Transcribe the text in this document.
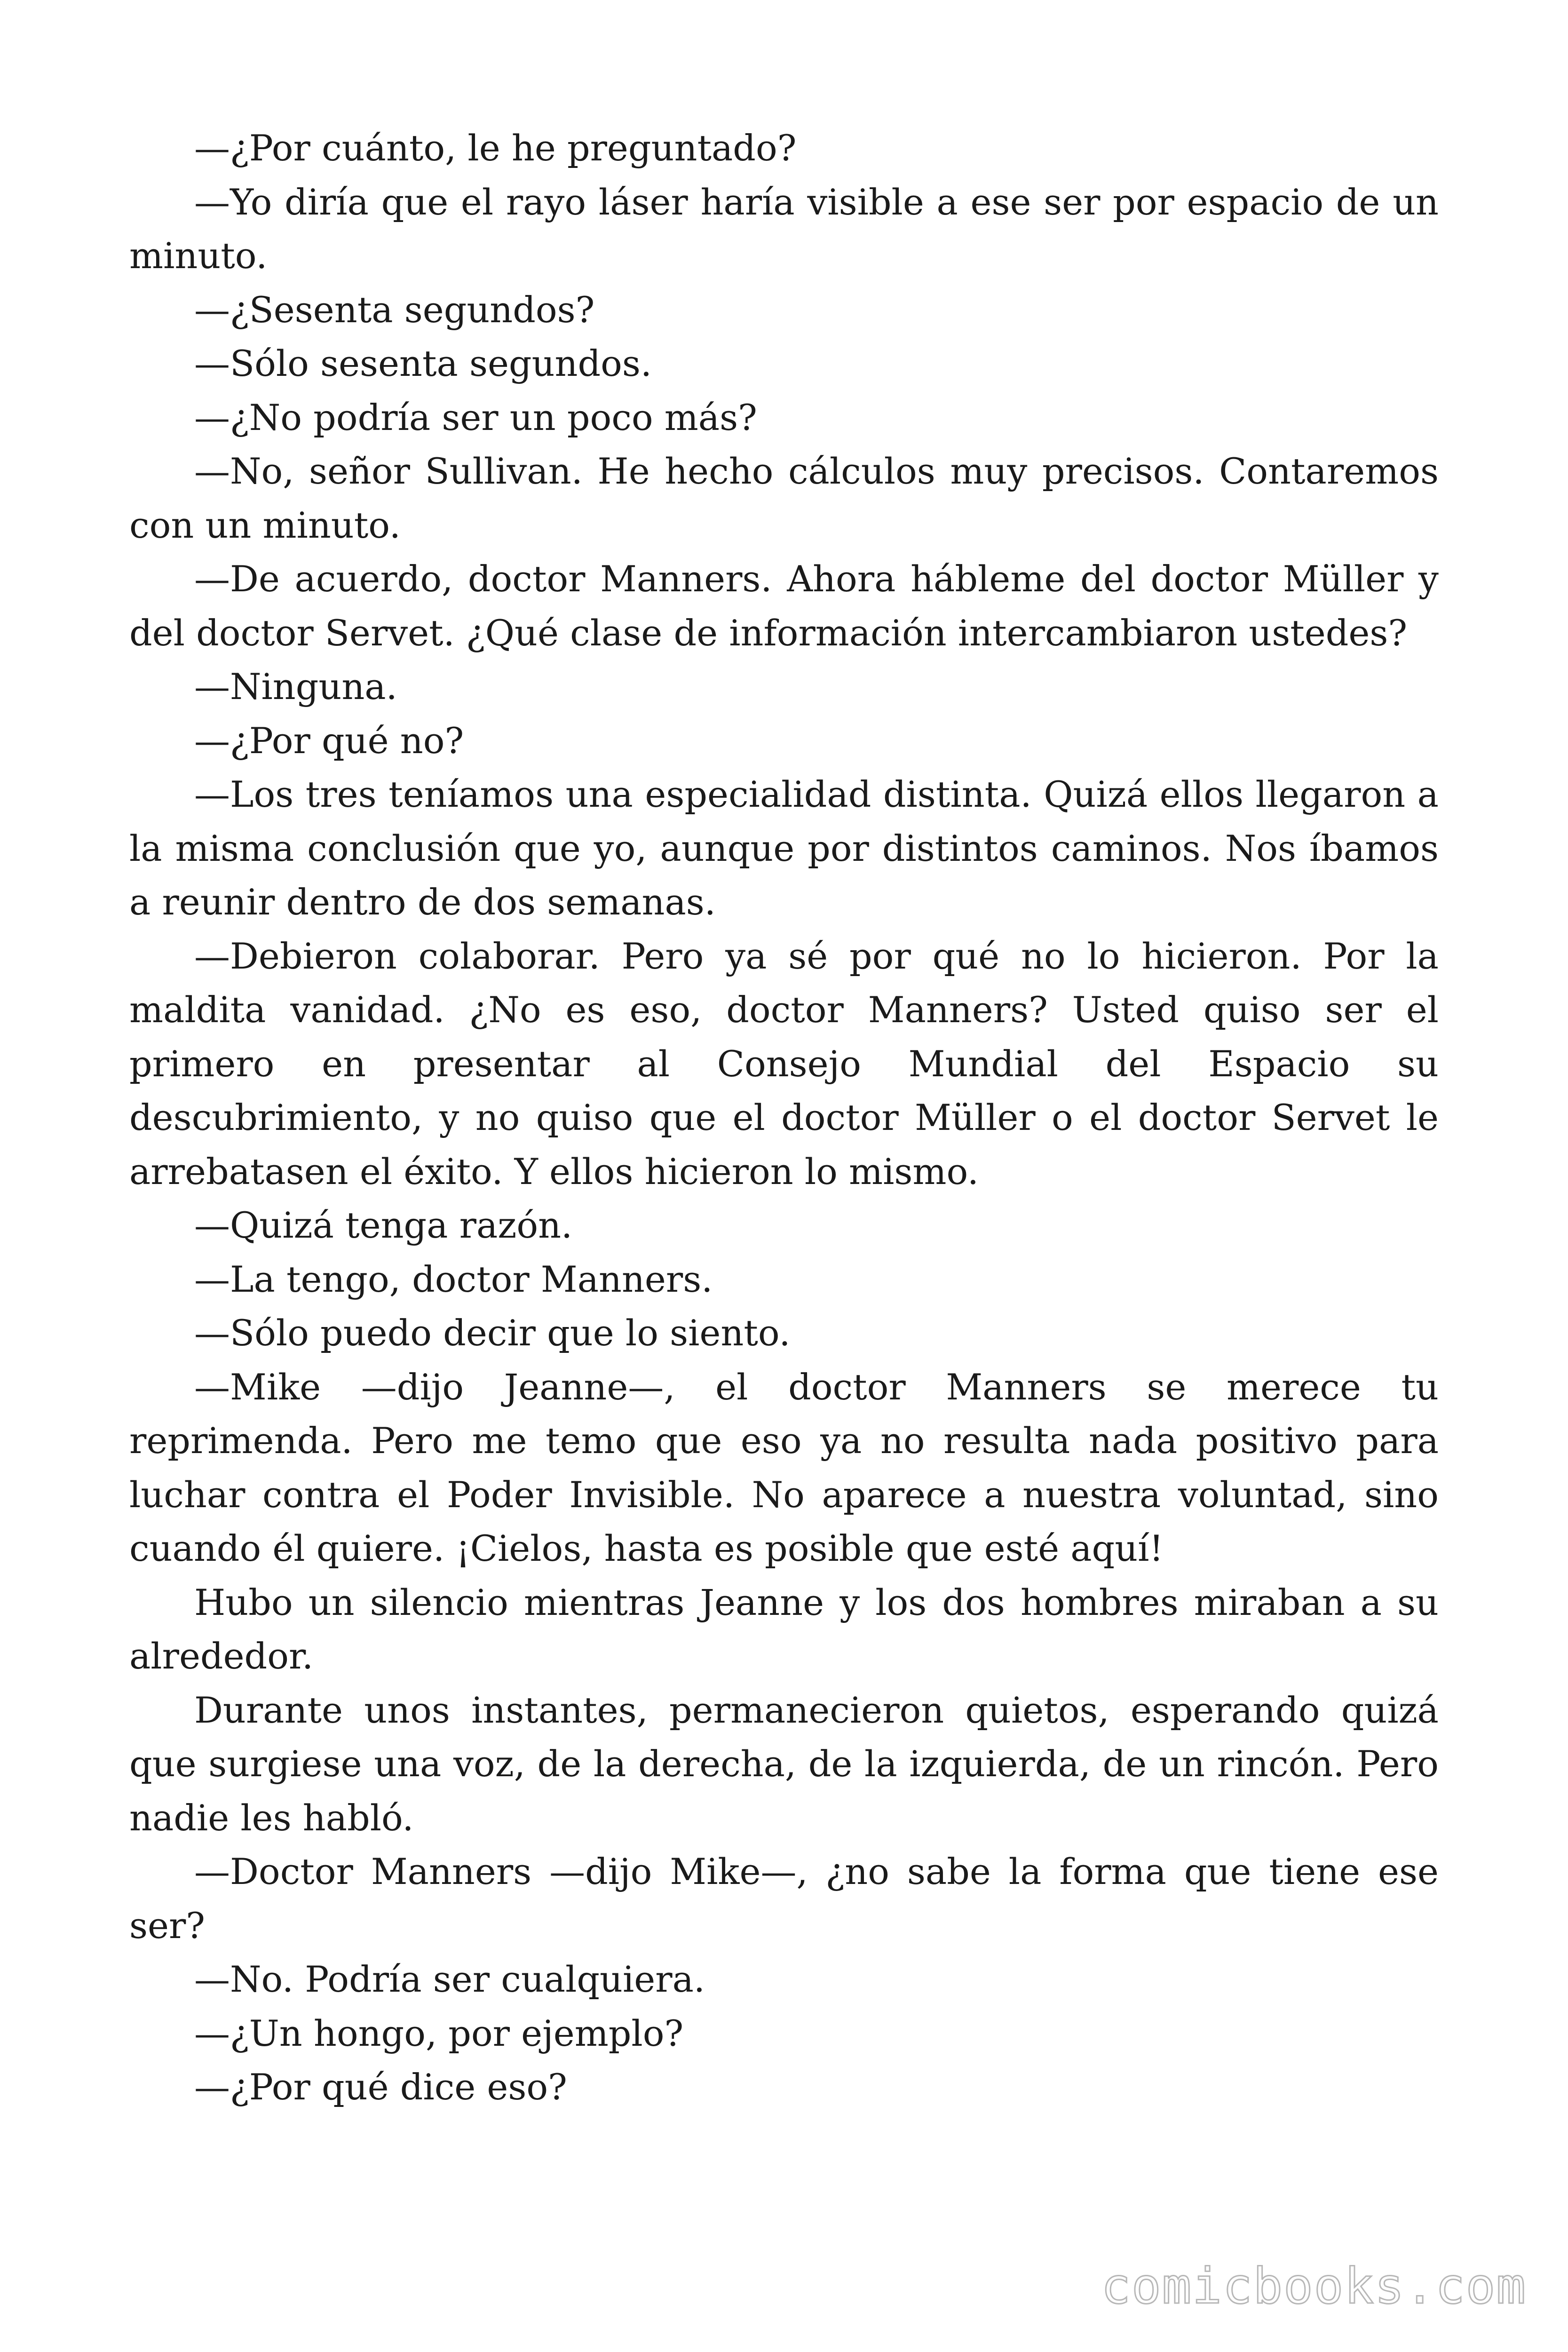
—¿Por cuánto, le he preguntado?

—Yo diría que el rayo láser haría visible a ese ser por espacio de un minuto.

—¿Sesenta segundos?

—Sólo sesenta segundos.

—¿No podría ser un poco más?

—No, señor Sullivan. He hecho cálculos muy precisos. Contaremos con un minuto.

—De acuerdo, doctor Manners. Ahora hábleme del doctor Müller y del doctor Servet. ¿Qué clase de información intercambiaron ustedes?

—Ninguna.

—¿Por qué no?

—Los tres teníamos una especialidad distinta. Quizá ellos llegaron a la misma conclusión que yo, aunque por distintos caminos. Nos íbamos a reunir dentro de dos semanas.

—Debieron colaborar. Pero ya sé por qué no lo hicieron. Por la maldita vanidad. ¿No es eso, doctor Manners? Usted quiso ser el primero en presentar al Consejo Mundial del Espacio su descubrimiento, y no quiso que el doctor Müller o el doctor Servet le arrebatasen el éxito. Y ellos hicieron lo mismo.

—Quizá tenga razón.

—La tengo, doctor Manners.

—Sólo puedo decir que lo siento.

—Mike —dijo Jeanne—, el doctor Manners se merece tu reprimenda. Pero me temo que eso ya no resulta nada positivo para luchar contra el Poder Invisible. No aparece a nuestra voluntad, sino cuando él quiere. ¡Cielos, hasta es posible que esté aquí!

Hubo un silencio mientras Jeanne y los dos hombres miraban a su alrededor.

Durante unos instantes, permanecieron quietos, esperando quizá que surgiese una voz, de la derecha, de la izquierda, de un rincón. Pero nadie les habló.

—Doctor Manners —dijo Mike—, ¿no sabe la forma que tiene ese ser?

—No. Podría ser cualquiera.

—¿Un hongo, por ejemplo?

—¿Por qué dice eso?

comicbooks.com
